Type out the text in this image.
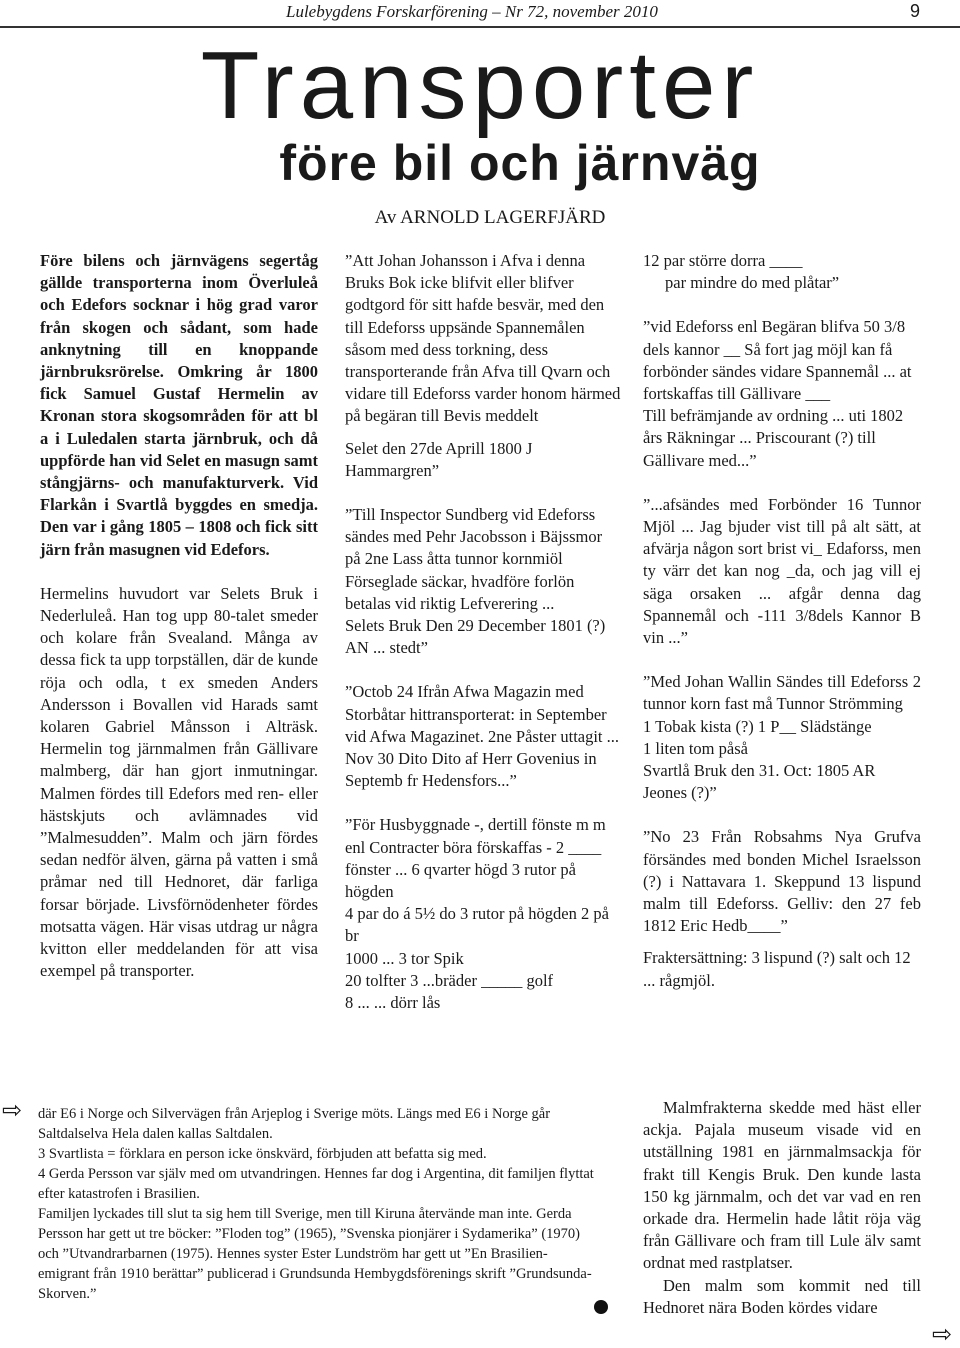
Lulebygdens Forskarförening – Nr 72, november 2010	9
Transporter
före bil och järnväg
Av ARNOLD LAGERFJÄRD

Före bilens och järnvägens segertåg gällde transporterna inom Överluleå och Edefors socknar i hög grad varor från skogen och sådant, som hade anknytning till en knoppande järnbruksrörelse. Omkring år 1800 fick Samuel Gustaf Hermelin av Kronan stora skogsområden för att bl a i Luledalen starta järnbruk, och då uppförde han vid Selet en masugn samt stångjärns- och manufakturverk. Vid Flarkån i Svartlå byggdes en smedja. Den var i gång 1805 – 1808 och fick sitt järn från masugnen vid Edefors.

Hermelins huvudort var Selets Bruk i Nederluleå. Han tog upp 80-talet smeder och kolare från Svealand. Många av dessa fick ta upp torpställen, där de kunde röja och odla, t ex smeden Anders Andersson i Bovallen vid Harads samt kolaren Gabriel Månsson i Alträsk. Hermelin tog järnmalmen från Gällivare malmberg, där han gjort inmutningar. Malmen fördes till Edefors med ren- eller hästskjuts och avlämnades vid ”Malmesudden”. Malm och järn fördes sedan nedför älven, gärna på vatten i små pråmar ned till Hednoret, där farliga forsar började. Livsförnödenheter fördes motsatta vägen. Här visas utdrag ur några kvitton eller meddelanden för att visa exempel på transporter.

”Att Johan Johansson i Afva i denna Bruks Bok icke blifvit eller blifver godtgord för sitt hafde besvär, med den till Edeforss uppsände Spannemålen såsom med dess torkning, dess transporterande från Afva till Qvarn och vidare till Edeforss varder honom härmed på begäran till Bevis meddelt

Selet den 27de Aprill 1800 J Hammargren”

”Till Inspector Sundberg vid Edeforss sändes med Pehr Jacobsson i Bäjssmor på 2ne Lass åtta tunnor kornmiöl Förseglade säckar, hvadföre forlön betalas vid riktig Lefverering ...

Selets Bruk Den 29 December 1801 (?) AN ... stedt”

”Octob 24 Ifrån Afwa Magazin med Storbåtar hittransporterat: in September vid Afwa Magazinet. 2ne Påster uttagit ...

Nov 30 Dito Dito af Herr Govenius in Septemb fr Hedensfors...”

”För Husbyggnade -, dertill fönste m m enl Contracter böra förskaffas - 2 ____ fönster ... 6 qvarter högd 3 rutor på högden

4 par do á 5½ do 3 rutor på högden 2 på br

1000 ... 3 tor Spik

20 tolfter 3 ...bräder _____ golf

8 ... ... dörr lås

12 par större dorra ____

par mindre do med plåtar”

”vid Edeforss enl Begäran blifva 50 3/8 dels kannor __ Så fort jag möjl kan få forbönder sändes vidare Spannemål ... at fortskaffas till Gällivare ___

Till befrämjande av ordning ... uti 1802 års Räkningar ... Priscourant (?) till Gällivare med...”

”...afsändes med Forbönder 16 Tunnor Mjöl ... Jag bjuder vist till på alt sätt, at afvärja någon sort brist vi_ Edaforss, men ty värr det kan nog _da, och jag vill ej säga orsaken ... afgår denna dag Spannemål och -111 3/8dels Kannor B vin ...”

”Med Johan Wallin Sändes till Edeforss 2 tunnor korn fast må Tunnor Strömming

1 Tobak kista (?) 1 P__ Slädstänge

1 liten tom påså

Svartlå Bruk den 31. Oct: 1805 AR Jeones (?)”

”No 23 Från Robsahms Nya Grufva försändes med bonden Michel Israelsson (?) i Nattavara 1. Skeppund 13 lispund malm till Edeforss. Gelliv: den 27 feb 1812 Eric Hedb____”

Fraktersättning: 3 lispund (?) salt och 12 ... rågmjöl.

Malmfrakterna skedde med häst eller ackja. Pajala museum visade vid en utställning 1981 en järnmalmsackja för frakt till Kengis Bruk. Den kunde lasta 150 kg järnmalm, och det var vad en ren orkade dra. Hermelin hade låtit röja väg från Gällivare och fram till Lule älv samt ordnat med rastplatser.

Den malm som kommit ned till Hednoret nära Boden kördes vidare

där E6 i Norge och Silvervägen från Arjeplog i Sverige möts. Längs med E6 i Norge går Saltdalselva Hela dalen kallas Saltdalen.

3 Svartlista = förklara en person icke önskvärd, förbjuden att befatta sig med.

4 Gerda Persson var själv med om utvandringen. Hennes far dog i Argentina, dit familjen flyttat efter katastrofen i Brasilien.

Familjen lyckades till slut ta sig hem till Sverige, men till Kiruna återvände man inte. Gerda Persson har gett ut tre böcker: ”Floden tog” (1965), ”Svenska pionjärer i Sydamerika” (1970) och ”Utvandrarbarnen (1975). Hennes syster Ester Lundström har gett ut ”En Brasilien-emigrant från 1910 berättar” publicerad i Grundsunda Hembygdsförenings skrift ”Grundsunda-Skorven.”

⇨
⇨
